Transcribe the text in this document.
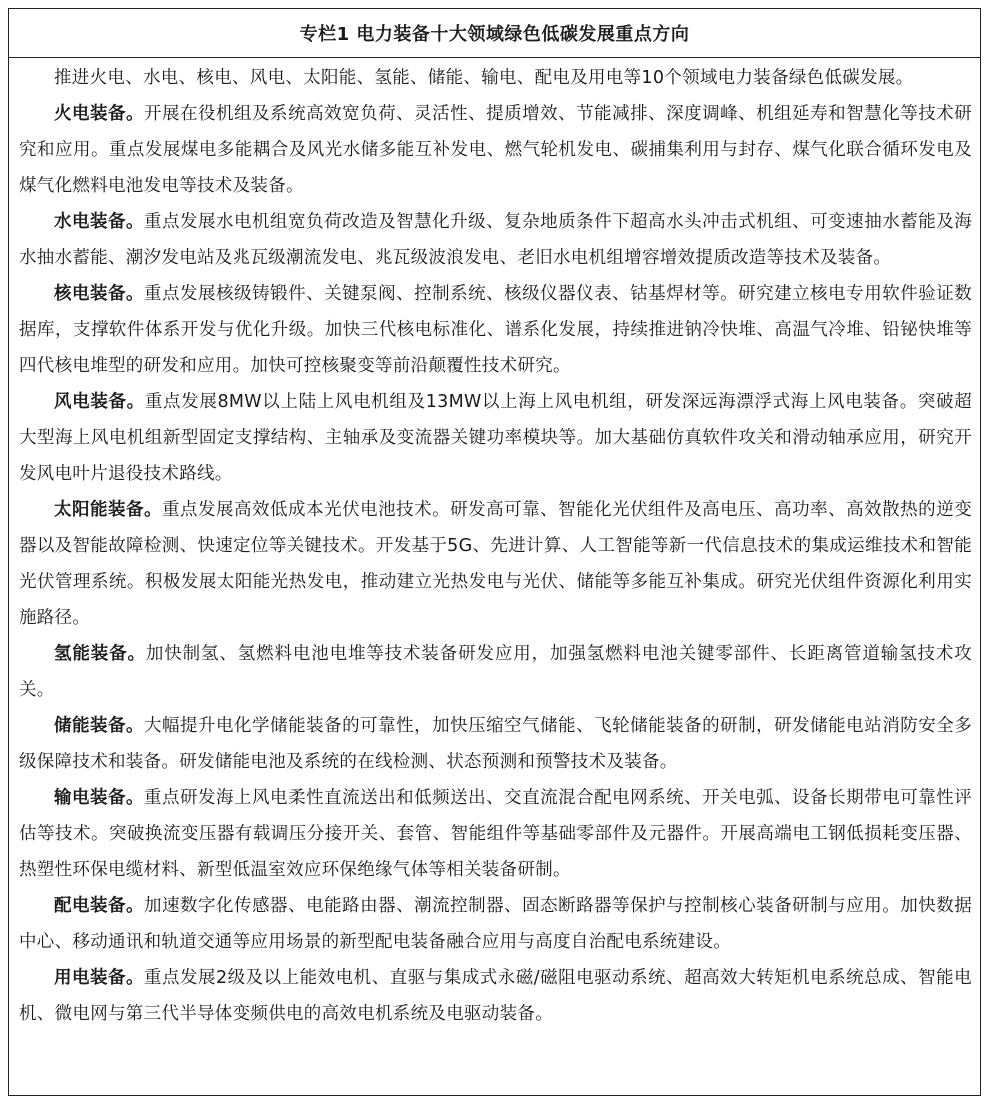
专栏1 电力装备十大领域绿色低碳发展重点方向

推进火电、水电、核电、风电、太阳能、氢能、储能、输电、配电及用电等10个领域电力装备绿色低碳发展。

火电装备。开展在役机组及系统高效宽负荷、灵活性、提质增效、节能减排、深度调峰、机组延寿和智慧化等技术研究和应用。重点发展煤电多能耦合及风光水储多能互补发电、燃气轮机发电、碳捕集利用与封存、煤气化联合循环发电及煤气化燃料电池发电等技术及装备。

水电装备。重点发展水电机组宽负荷改造及智慧化升级、复杂地质条件下超高水头冲击式机组、可变速抽水蓄能及海水抽水蓄能、潮汐发电站及兆瓦级潮流发电、兆瓦级波浪发电、老旧水电机组增容增效提质改造等技术及装备。

核电装备。重点发展核级铸锻件、关键泵阀、控制系统、核级仪器仪表、钴基焊材等。研究建立核电专用软件验证数据库，支撑软件体系开发与优化升级。加快三代核电标准化、谱系化发展，持续推进钠冷快堆、高温气冷堆、铅铋快堆等四代核电堆型的研发和应用。加快可控核聚变等前沿颠覆性技术研究。

风电装备。重点发展8MW以上陆上风电机组及13MW以上海上风电机组，研发深远海漂浮式海上风电装备。突破超大型海上风电机组新型固定支撑结构、主轴承及变流器关键功率模块等。加大基础仿真软件攻关和滑动轴承应用，研究开发风电叶片退役技术路线。

太阳能装备。重点发展高效低成本光伏电池技术。研发高可靠、智能化光伏组件及高电压、高功率、高效散热的逆变器以及智能故障检测、快速定位等关键技术。开发基于5G、先进计算、人工智能等新一代信息技术的集成运维技术和智能光伏管理系统。积极发展太阳能光热发电，推动建立光热发电与光伏、储能等多能互补集成。研究光伏组件资源化利用实施路径。

氢能装备。加快制氢、氢燃料电池电堆等技术装备研发应用，加强氢燃料电池关键零部件、长距离管道输氢技术攻关。

储能装备。大幅提升电化学储能装备的可靠性，加快压缩空气储能、飞轮储能装备的研制，研发储能电站消防安全多级保障技术和装备。研发储能电池及系统的在线检测、状态预测和预警技术及装备。

输电装备。重点研发海上风电柔性直流送出和低频送出、交直流混合配电网系统、开关电弧、设备长期带电可靠性评估等技术。突破换流变压器有载调压分接开关、套管、智能组件等基础零部件及元器件。开展高端电工钢低损耗变压器、热塑性环保电缆材料、新型低温室效应环保绝缘气体等相关装备研制。

配电装备。加速数字化传感器、电能路由器、潮流控制器、固态断路器等保护与控制核心装备研制与应用。加快数据中心、移动通讯和轨道交通等应用场景的新型配电装备融合应用与高度自治配电系统建设。

用电装备。重点发展2级及以上能效电机、直驱与集成式永磁/磁阻电驱动系统、超高效大转矩机电系统总成、智能电机、微电网与第三代半导体变频供电的高效电机系统及电驱动装备。
